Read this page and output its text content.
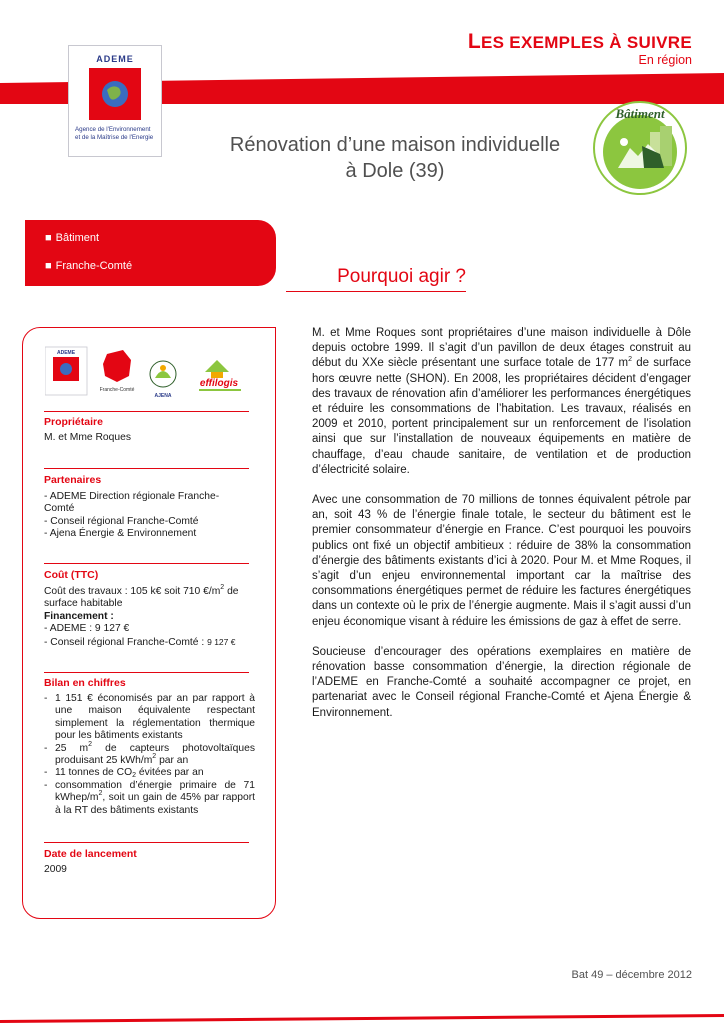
ADEME
Agence de l'Environnement
et de la Maîtrise de l'Energie
LES EXEMPLES À SUIVRE
En région
Rénovation d’une maison individuelle
à Dole (39)
Bâtiment
■ Bâtiment
■ Franche-Comté	Pourquoi agir ?
ADEME
Franche-Comté
AJENA
effilogis
Propriétaire
M. et Mme Roques
Partenaires

- ADEME Direction régionale Franche-Comté

- Conseil régional Franche-Comté

- Ajena Énergie & Environnement

Coût (TTC)

Coût des travaux : 105 k€ soit 710 $€/m^2$ de surface habitable

Financement :

- ADEME : 9 127 €

- Conseil régional Franche-Comté : 9 127 €

Bilan en chiffres
- 1 151 € économisés par an par rapport à une maison équivalente respectant simplement la réglementation thermique pour les bâtiments existants
- 25 $m^2$ de capteurs photovoltaïques produisant 25 kWh/$m^2$ par an
- 11 tonnes de $CO_2$ évitées par an
- consommation d’énergie primaire de 71 kWhep/$m^2$, soit un gain de 45% par rapport à la RT des bâtiments existants
Date de lancement
2009

M. et Mme Roques sont propriétaires d’une maison individuelle à Dôle depuis octobre 1999. Il s’agit d’un pavillon de deux étages construit au début du XXe siècle présentant une surface totale de 177 $m^2$ de surface hors œuvre nette (SHON). En 2008, les propriétaires décident d’engager des travaux de rénovation afin d’améliorer les performances énergétiques et réduire les consommations de l’habitation. Les travaux, réalisés en 2009 et 2010, portent principalement sur un renforcement de l’isolation ainsi que sur l’installation de nouveaux équipements en matière de chauffage, d’eau chaude sanitaire, de ventilation et de production d’électricité solaire.

Avec une consommation de 70 millions de tonnes équivalent pétrole par an, soit 43 % de l’énergie finale totale, le secteur du bâtiment est le premier consommateur d’énergie en France. C’est pourquoi les pouvoirs publics ont fixé un objectif ambitieux : réduire de 38% la consommation d’énergie des bâtiments existants d’ici à 2020. Pour M. et Mme Roques, il s’agit d’un enjeu environnemental important car la maîtrise des consommations énergétiques permet de réduire les factures énergétiques dans un contexte où le prix de l’énergie augmente. Mais il s’agit aussi d’un enjeu économique visant à réduire les émissions de gaz à effet de serre.

Soucieuse d’encourager des opérations exemplaires en matière de rénovation basse consommation d’énergie, la direction régionale de l’ADEME en Franche-Comté a souhaité accompagner ce projet, en partenariat avec le Conseil régional Franche-Comté et Ajena Énergie & Environnement.

Bat 49 – décembre 2012
